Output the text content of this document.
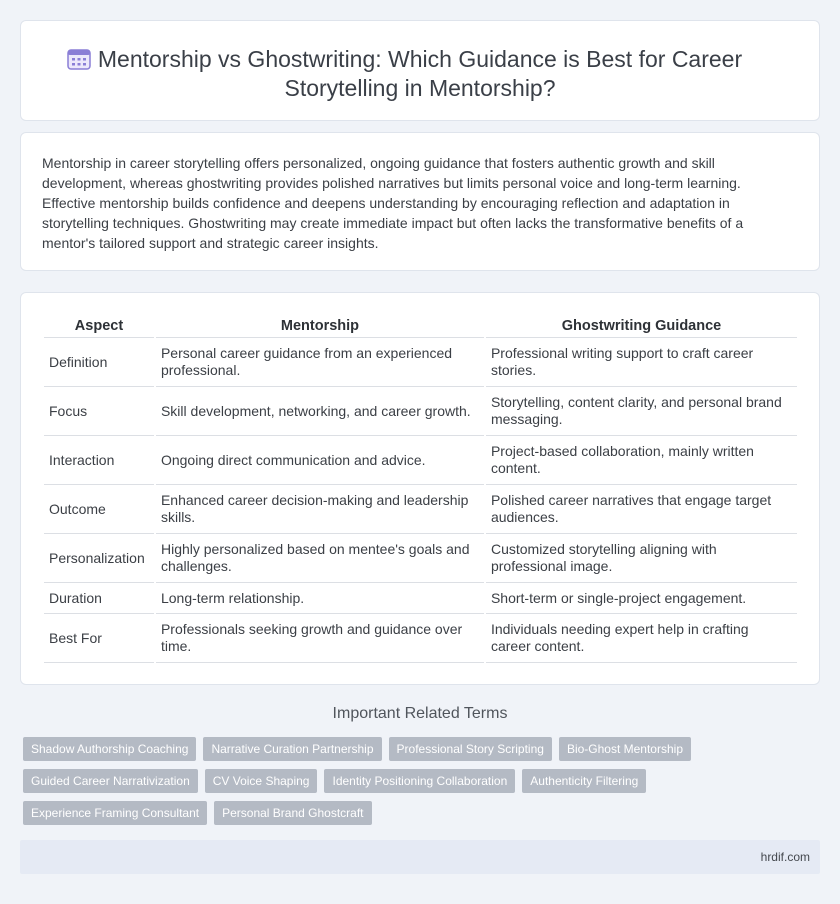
Mentorship vs Ghostwriting: Which Guidance is Best for Career Storytelling in Mentorship?

Mentorship in career storytelling offers personalized, ongoing guidance that fosters authentic growth and skill development, whereas ghostwriting provides polished narratives but limits personal voice and long-term learning. Effective mentorship builds confidence and deepens understanding by encouraging reflection and adaptation in storytelling techniques. Ghostwriting may create immediate impact but often lacks the transformative benefits of a mentor's tailored support and strategic career insights.

Aspect	Mentorship	Ghostwriting Guidance
Definition	Personal career guidance from an experienced professional.	Professional writing support to craft career stories.
Focus	Skill development, networking, and career growth.	Storytelling, content clarity, and personal brand messaging.
Interaction	Ongoing direct communication and advice.	Project-based collaboration, mainly written content.
Outcome	Enhanced career decision-making and leadership skills.	Polished career narratives that engage target audiences.
Personalization	Highly personalized based on mentee's goals and challenges.	Customized storytelling aligning with professional image.
Duration	Long-term relationship.	Short-term or single-project engagement.
Best For	Professionals seeking growth and guidance over time.	Individuals needing expert help in crafting career content.
Important Related Terms
Shadow Authorship Coaching	Narrative Curation Partnership	Professional Story Scripting	Bio-Ghost Mentorship
Guided Career Narrativization	CV Voice Shaping	Identity Positioning Collaboration	Authenticity Filtering
Experience Framing Consultant	Personal Brand Ghostcraft
hrdif.com
